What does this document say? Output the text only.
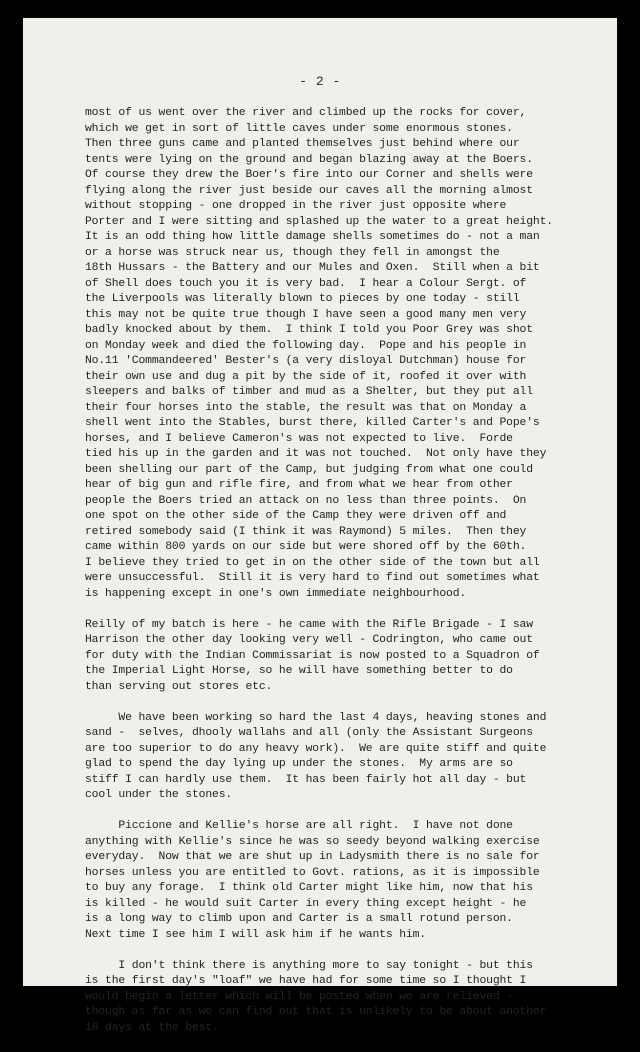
- 2 -
most of us went over the river and climbed up the rocks for cover,
which we get in sort of little caves under some enormous stones.
Then three guns came and planted themselves just behind where our
tents were lying on the ground and began blazing away at the Boers.
Of course they drew the Boer's fire into our Corner and shells were
flying along the river just beside our caves all the morning almost
without stopping - one dropped in the river just opposite where
Porter and I were sitting and splashed up the water to a great height.
It is an odd thing how little damage shells sometimes do - not a man
or a horse was struck near us, though they fell in amongst the
18th Hussars - the Battery and our Mules and Oxen.  Still when a bit
of Shell does touch you it is very bad.  I hear a Colour Sergt. of
the Liverpools was literally blown to pieces by one today - still
this may not be quite true though I have seen a good many men very
badly knocked about by them.  I think I told you Poor Grey was shot
on Monday week and died the following day.  Pope and his people in
No.11 'Commandeered' Bester's (a very disloyal Dutchman) house for
their own use and dug a pit by the side of it, roofed it over with
sleepers and balks of timber and mud as a Shelter, but they put all
their four horses into the stable, the result was that on Monday a
shell went into the Stables, burst there, killed Carter's and Pope's
horses, and I believe Cameron's was not expected to live.  Forde
tied his up in the garden and it was not touched.  Not only have they
been shelling our part of the Camp, but judging from what one could
hear of big gun and rifle fire, and from what we hear from other
people the Boers tried an attack on no less than three points.  On
one spot on the other side of the Camp they were driven off and
retired somebody said (I think it was Raymond) 5 miles.  Then they
came within 800 yards on our side but were shored off by the 60th.
I believe they tried to get in on the other side of the town but all
were unsuccessful.  Still it is very hard to find out sometimes what
is happening except in one's own immediate neighbourhood.
Reilly of my batch is here - he came with the Rifle Brigade - I saw
Harrison the other day looking very well - Codrington, who came out
for duty with the Indian Commissariat is now posted to a Squadron of
the Imperial Light Horse, so he will have something better to do
than serving out stores etc.
We have been working so hard the last 4 days, heaving stones and
sand -  selves, dhooly wallahs and all (only the Assistant Surgeons
are too superior to do any heavy work).  We are quite stiff and quite
glad to spend the day lying up under the stones.  My arms are so
stiff I can hardly use them.  It has been fairly hot all day - but
cool under the stones.
Piccione and Kellie's horse are all right.  I have not done
anything with Kellie's since he was so seedy beyond walking exercise
everyday.  Now that we are shut up in Ladysmith there is no sale for
horses unless you are entitled to Govt. rations, as it is impossible
to buy any forage.  I think old Carter might like him, now that his
is killed - he would suit Carter in every thing except height - he
is a long way to climb upon and Carter is a small rotund person.
Next time I see him I will ask him if he wants him.
I don't think there is anything more to say tonight - but this
is the first day's "loaf" we have had for some time so I thought I
would begin a letter which will be posted when we are relieved -
though as far as we can find out that is unlikely to be about another
10 days at the best.
